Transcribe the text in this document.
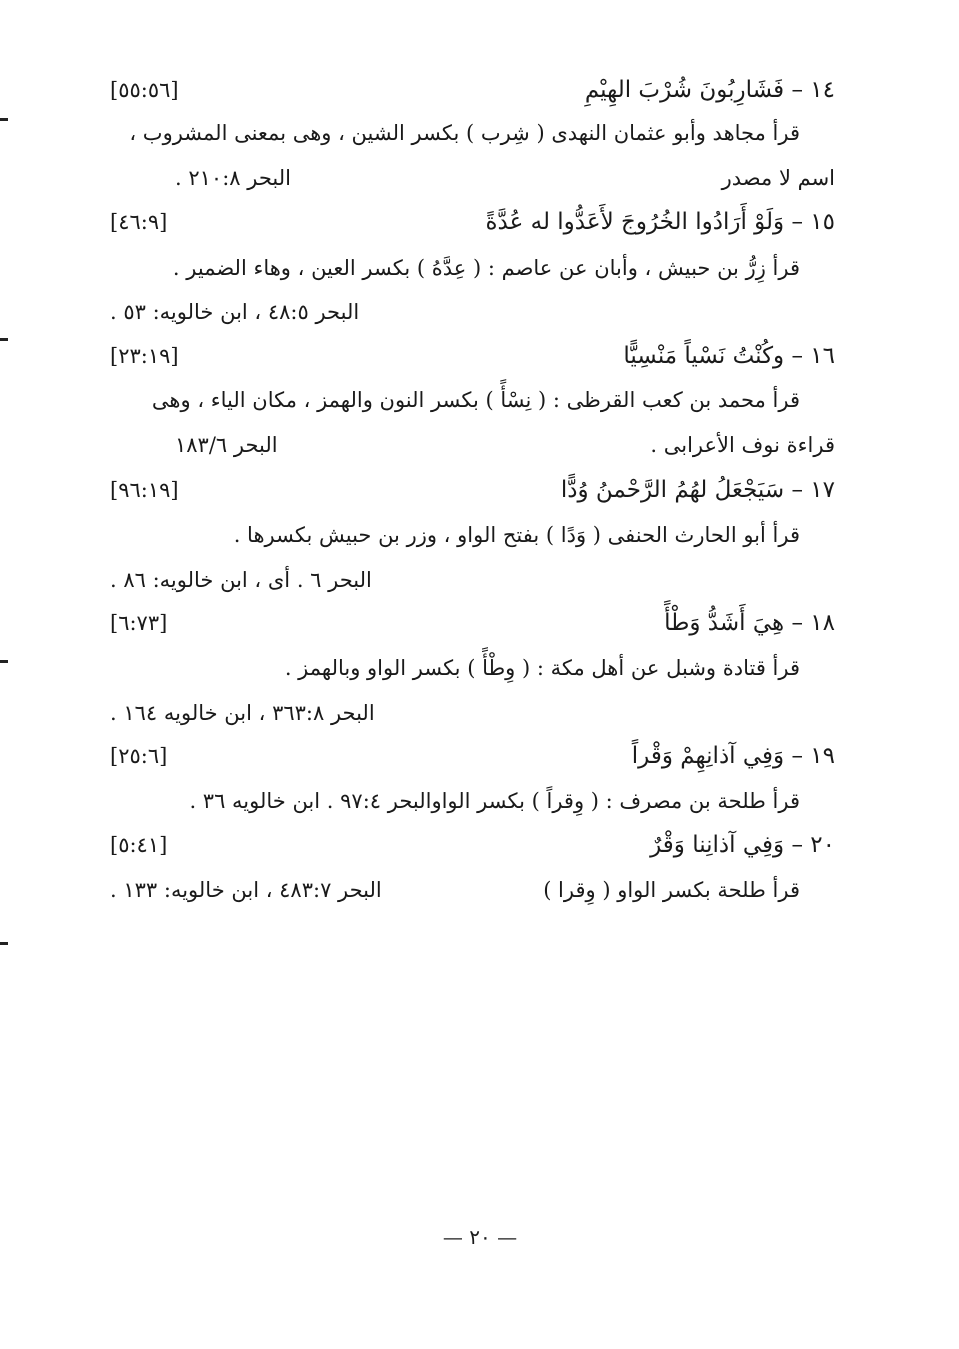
١٤ – فَشَارِبُونَ شُرْبَ الهِيْمِ
[٥٥:٥٦]
قرأ مجاهد وأبو عثمان النهدى ( شِرب ) بكسر الشين ، وهى بمعنى المشروب ،
اسم لا مصدر
البحر ٢١٠:٨ .
١٥ – وَلَوْ أَرَادُوا الخُرُوجَ لأَعَدُّوا له عُدَّةً
[٤٦:٩]
قرأ زِرُّ بن حبيش ، وأبان عن عاصم : ( عِدَّهُ ) بكسر العين ، وهاء الضمير .
البحر ٤٨:٥ ، ابن خالويه: ٥٣ .
١٦ – وكُنْتُ نَسْياً مَنْسِيًّا
[٢٣:١٩]
قرأ محمد بن كعب القرظى : ( نِسْأً ) بكسر النون والهمز ، مكان الياء ، وهى
قراءة نوف الأعرابى .
البحر ١٨٣/٦
١٧ – سَيَجْعَلُ لهُمُ الرَّحْمنُ وُدًّا
[٩٦:١٩]
قرأ أبو الحارث الحنفى ( وَدًا ) بفتح الواو ، وزر بن حبيش بكسرها .
البحر ٦ . أى ، ابن خالويه: ٨٦ .
١٨ – هِيَ أَشَدُّ وَطْأً
[٦:٧٣]
قرأ قتادة وشبل عن أهل مكة : ( وِطْأً ) بكسر الواو وبالهمز .
البحر ٣٦٣:٨ ، ابن خالويه ١٦٤ .
١٩ – وَفِي آذانِهِمْ وَقْراً
[٢٥:٦]
قرأ طلحة بن مصرف : ( وِقراً ) بكسر الواوالبحر ٩٧:٤ . ابن خالويه ٣٦ .
٢٠ – وَفِي آذانِنا وَقْرٌ
[٥:٤١]
قرأ طلحة بكسر الواو ( وِقرا )
البحر ٤٨٣:٧ ، ابن خالويه: ١٣٣ .
— ٢٠ —
